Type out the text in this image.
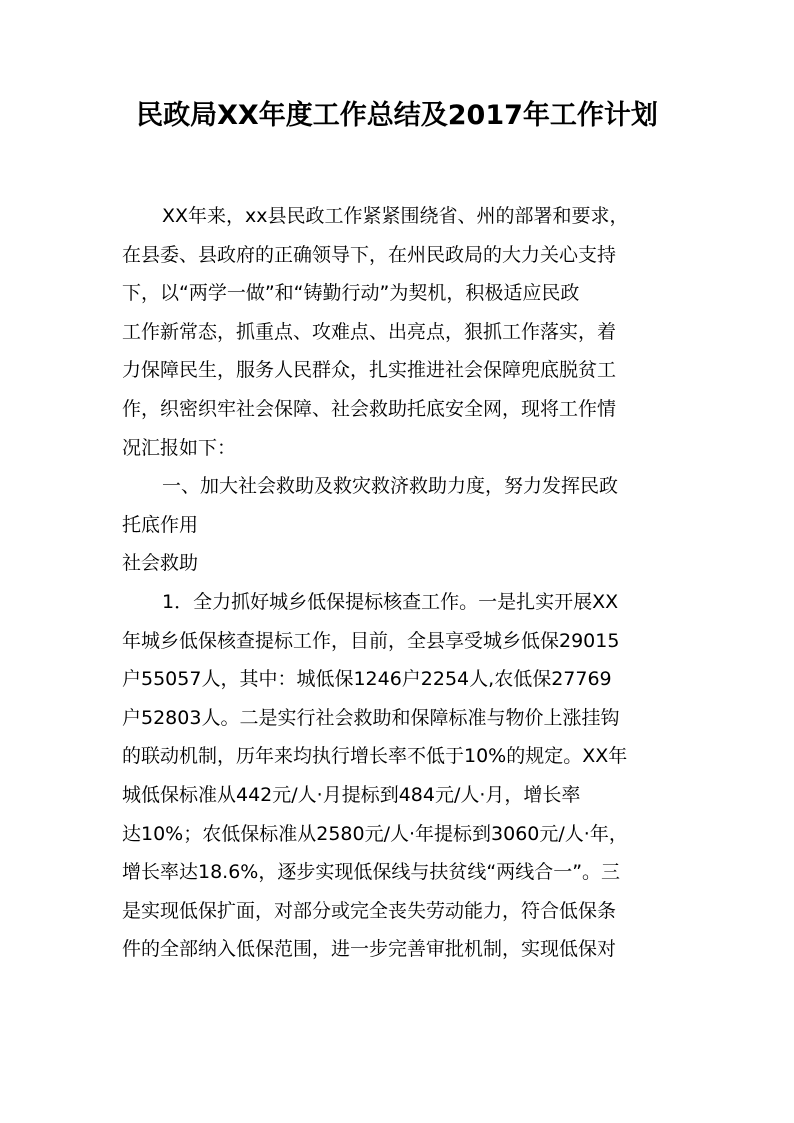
民政局XX年度工作总结及2017年工作计划
XX年来，xx县民政工作紧紧围绕省、州的部署和要求，
在县委、县政府的正确领导下，在州民政局的大力关心支持
下，以“两学一做”和“铸勤行动”为契机，积极适应民政
工作新常态，抓重点、攻难点、出亮点，狠抓工作落实，着
力保障民生，服务人民群众，扎实推进社会保障兜底脱贫工
作，织密织牢社会保障、社会救助托底安全网，现将工作情
况汇报如下：
一、加大社会救助及救灾救济救助力度，努力发挥民政
托底作用
社会救助
1．全力抓好城乡低保提标核查工作。一是扎实开展XX
年城乡低保核查提标工作，目前，全县享受城乡低保29015
户55057人，其中：城低保1246户2254人,农低保27769
户52803人。二是实行社会救助和保障标准与物价上涨挂钩
的联动机制，历年来均执行增长率不低于10%的规定。XX年
城低保标准从442元/人·月提标到484元/人·月，增长率
达10%；农低保标准从2580元/人·年提标到3060元/人·年，
增长率达18.6%，逐步实现低保线与扶贫线“两线合一”。三
是实现低保扩面，对部分或完全丧失劳动能力，符合低保条
件的全部纳入低保范围，进一步完善审批机制，实现低保对
